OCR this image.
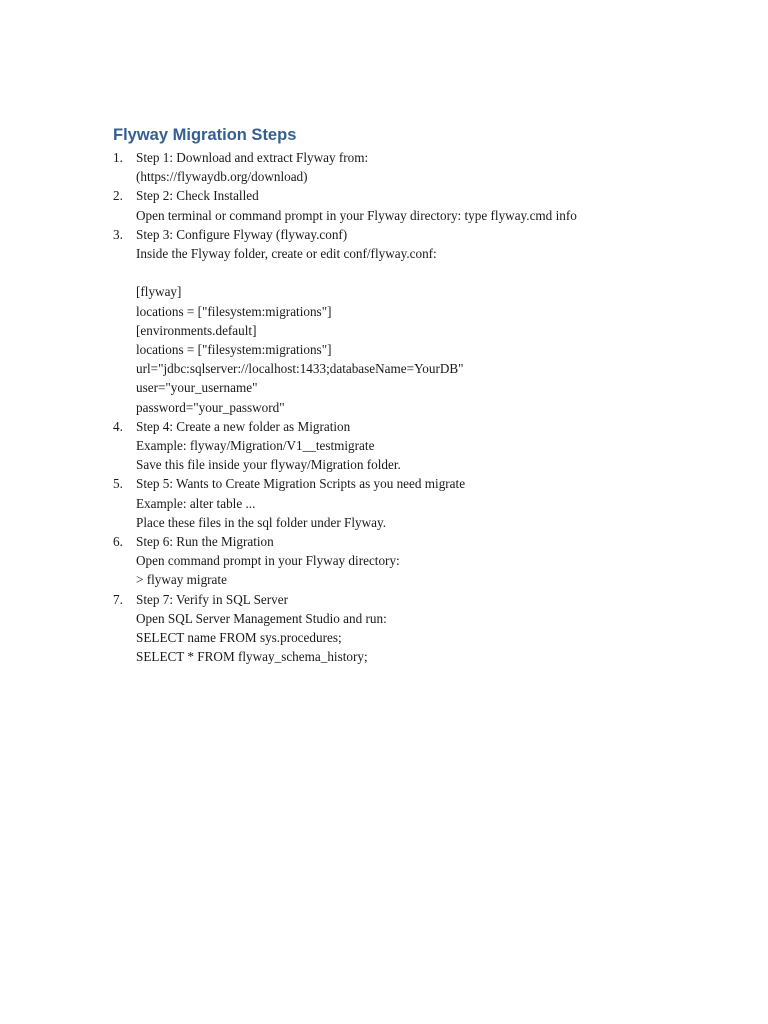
Flyway Migration Steps
1. Step 1: Download and extract Flyway from:
(https://flywaydb.org/download)
2. Step 2: Check Installed
Open terminal or command prompt in your Flyway directory: type flyway.cmd info
3. Step 3: Configure Flyway (flyway.conf)
Inside the Flyway folder, create or edit conf/flyway.conf:
[flyway]
locations = ["filesystem:migrations"]
[environments.default]
locations = ["filesystem:migrations"]
url="jdbc:sqlserver://localhost:1433;databaseName=YourDB"
user="your_username"
password="your_password"
4. Step 4: Create a new folder as Migration
Example: flyway/Migration/V1__testmigrate
Save this file inside your flyway/Migration folder.
5. Step 5: Wants to Create Migration Scripts as you need migrate
Example: alter table ...
Place these files in the sql folder under Flyway.
6. Step 6: Run the Migration
Open command prompt in your Flyway directory:
> flyway migrate
7. Step 7: Verify in SQL Server
Open SQL Server Management Studio and run:
SELECT name FROM sys.procedures;
SELECT * FROM flyway_schema_history;
